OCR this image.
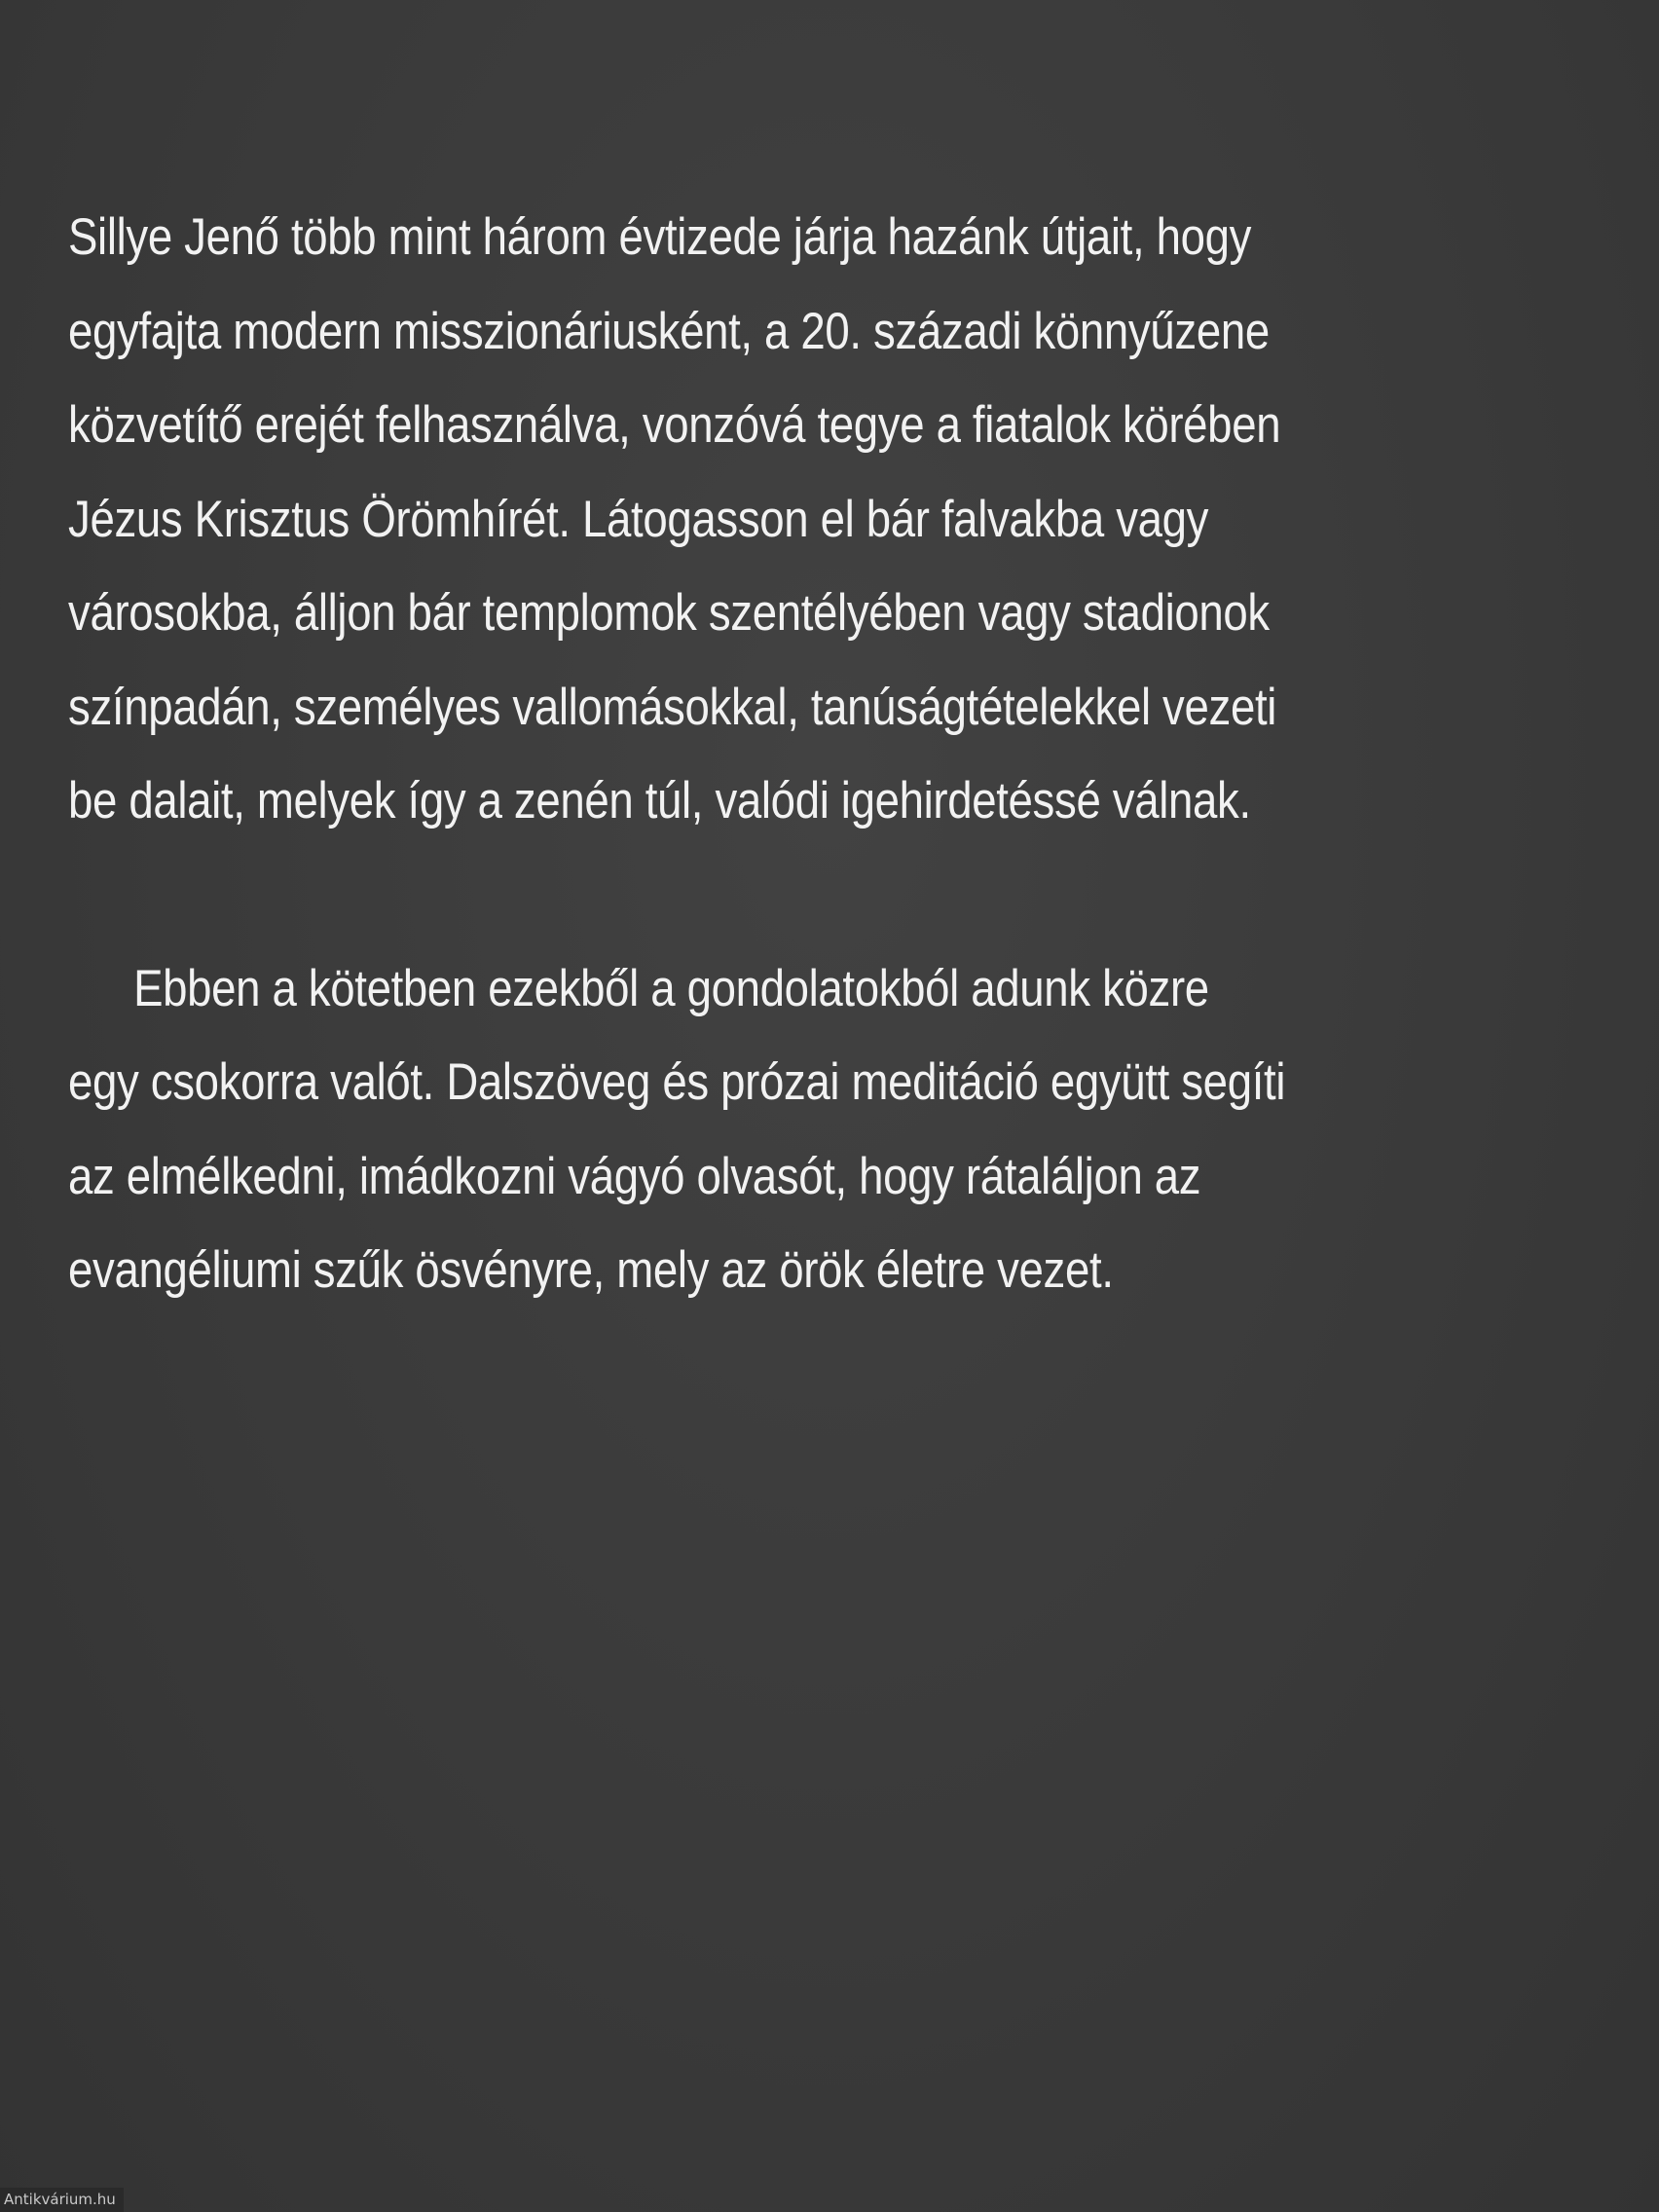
Sillye Jenő több mint három évtizede járja hazánk útjait, hogy
egyfajta modern misszionáriusként, a 20. századi könnyűzene
közvetítő erejét felhasználva, vonzóvá tegye a fiatalok körében
Jézus Krisztus Örömhírét. Látogasson el bár falvakba vagy
városokba, álljon bár templomok szentélyében vagy stadionok
színpadán, személyes vallomásokkal, tanúságtételekkel vezeti
be dalait, melyek így a zenén túl, valódi igehirdetéssé válnak.
Ebben a kötetben ezekből a gondolatokból adunk közre
egy csokorra valót. Dalszöveg és prózai meditáció együtt segíti
az elmélkedni, imádkozni vágyó olvasót, hogy rátaláljon az
evangéliumi szűk ösvényre, mely az örök életre vezet.
Antikvárium.hu
